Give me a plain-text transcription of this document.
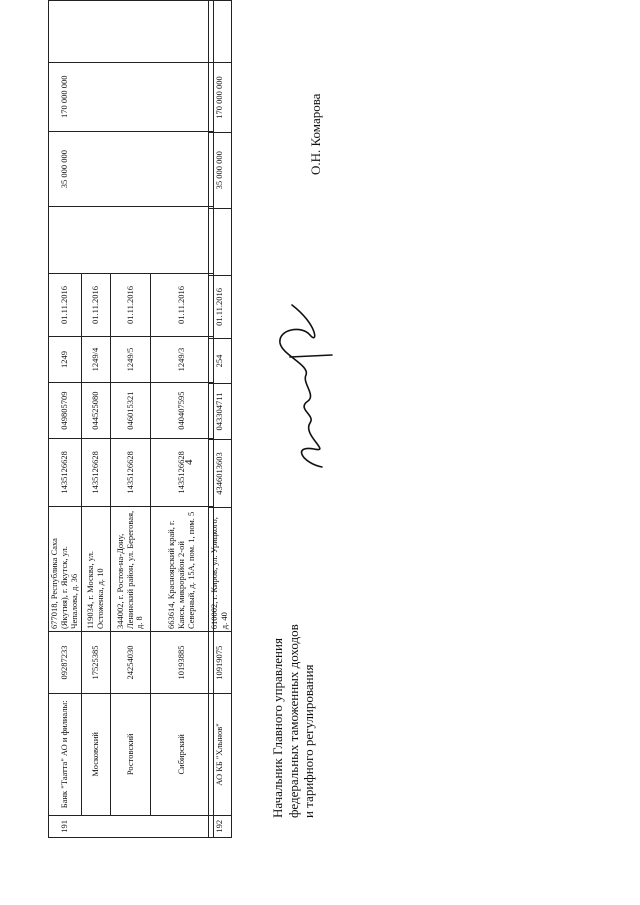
4
191	Банк "Таатта" АО и филиалы:	09287233	677018, Республика Саха (Якутия), г. Якутск, ул. Чепалова, д. 36	1435126628	049805709	1249	01.11.2016		35 000 000	170 000 000	
	Московский	17525385	119034, г. Москва, ул. Остоженка, д. 10	1435126628	044525080	1249/4	01.11.2016				
	Ростовский	24254030	344002, г. Ростов-на-Дону, Ленинский район, ул. Береговая, д. 8	1435126628	046015321	1249/5	01.11.2016				
	Сибирский	10193885	663614, Красноярский край, г. Канск, микрорайон 2-ой Северный, д. 15А, пом. 1, пом. 5	1435126628	040407595	1249/3	01.11.2016				
192	АО КБ "Хлынов"	10919075	610002, г. Киров, ул. Урицкого, д. 40	4346013603	043304711	254	01.11.2016		35 000 000	170 000 000	
Начальник Главного управления федеральных таможенных доходов и тарифного регулирования
О.Н. Комарова
